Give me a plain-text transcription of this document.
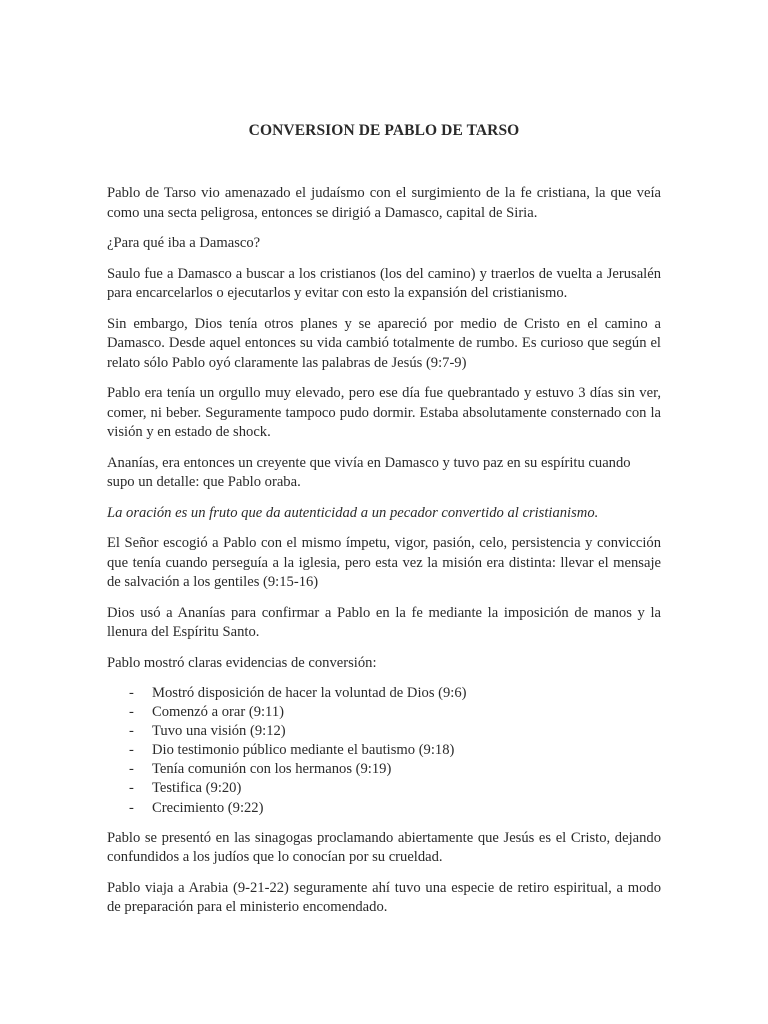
CONVERSION DE PABLO DE TARSO

Pablo de Tarso vio amenazado el judaísmo con el surgimiento de la fe cristiana, la que veía como una secta peligrosa, entonces se dirigió a Damasco, capital de Siria.

¿Para qué iba a Damasco?

Saulo fue a Damasco a buscar a los cristianos (los del camino) y traerlos de vuelta a Jerusalén para encarcelarlos o ejecutarlos y evitar con esto la expansión del cristianismo.

Sin embargo, Dios tenía otros planes y se apareció por medio de Cristo en el camino a Damasco. Desde aquel entonces su vida cambió totalmente de rumbo. Es curioso que según el relato sólo Pablo oyó claramente las palabras de Jesús (9:7-9)

Pablo era tenía un orgullo muy elevado, pero ese día fue quebrantado y estuvo 3 días sin ver, comer, ni beber. Seguramente tampoco pudo dormir. Estaba absolutamente consternado con la visión y en estado de shock.

Ananías, era entonces un creyente que vivía en Damasco y tuvo paz en su espíritu cuando supo un detalle: que Pablo oraba.

La oración es un fruto que da autenticidad a un pecador convertido al cristianismo.

El Señor escogió a Pablo con el mismo ímpetu, vigor, pasión, celo, persistencia y convicción que tenía cuando perseguía a la iglesia, pero esta vez la misión era distinta: llevar el mensaje de salvación a los gentiles (9:15-16)

Dios usó a Ananías para confirmar a Pablo en la fe mediante la imposición de manos y la llenura del Espíritu Santo.

Pablo mostró claras evidencias de conversión:

- Mostró disposición de hacer la voluntad de Dios (9:6)
- Comenzó a orar (9:11)
- Tuvo una visión (9:12)
- Dio testimonio público mediante el bautismo (9:18)
- Tenía comunión con los hermanos (9:19)
- Testifica (9:20)
- Crecimiento (9:22)

Pablo se presentó en las sinagogas proclamando abiertamente que Jesús es el Cristo, dejando confundidos a los judíos que lo conocían por su crueldad.

Pablo viaja a Arabia (9-21-22) seguramente ahí tuvo una especie de retiro espiritual, a modo de preparación para el ministerio encomendado.
